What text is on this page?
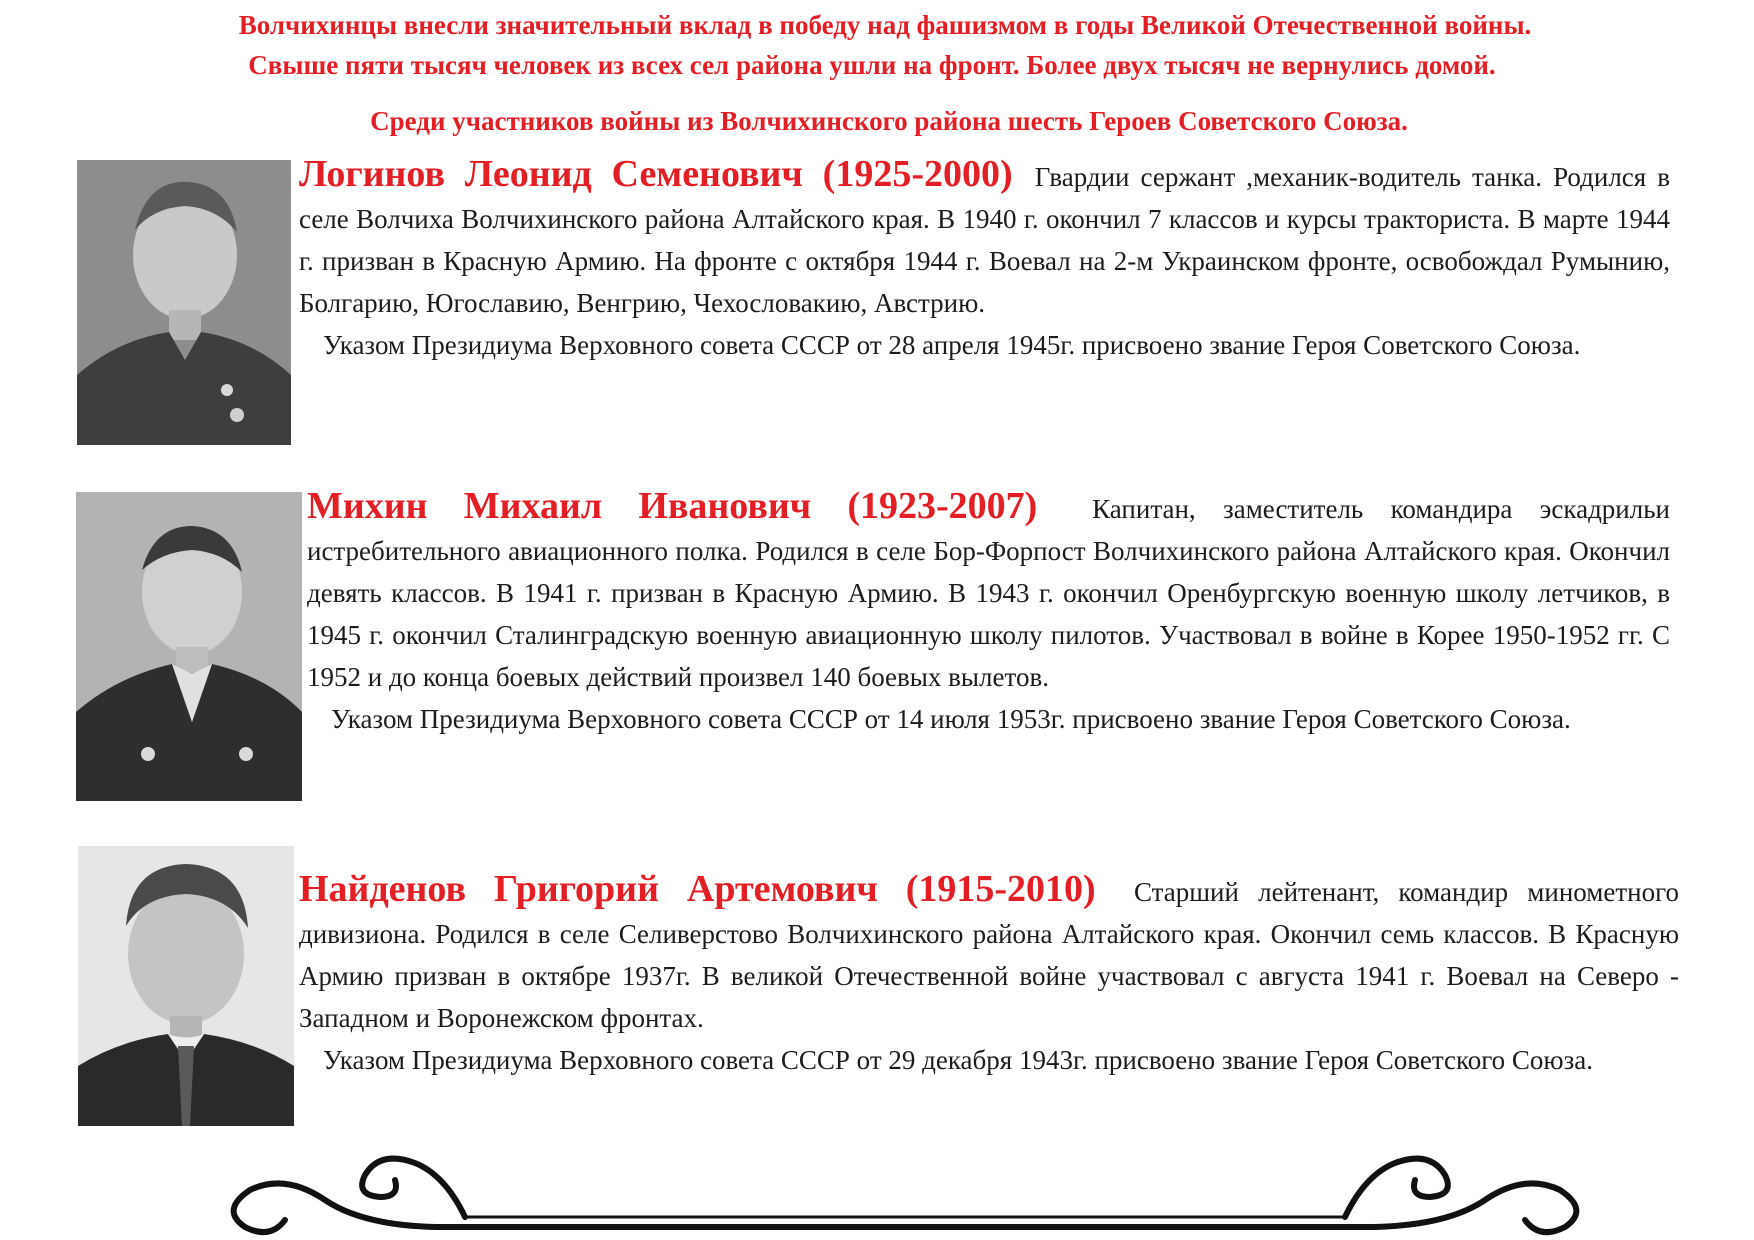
Волчихинцы внесли значительный вклад в победу над фашизмом в годы Великой Отечественной войны.

Свыше пяти тысяч человек из всех сел района ушли на фронт. Более двух тысяч не вернулись домой.

Среди участников войны из Волчихинского района шесть Героев Советского Союза.

Логинов Леонид Семенович (1925-2000) Гвардии сержант ,механик-водитель танка. Родился в селе Волчиха Волчихинского района Алтайского края. В 1940 г. окончил 7 классов и курсы тракториста. В марте 1944 г. призван в Красную Армию. На фронте с октября 1944 г. Воевал на 2-м Украинском фронте, освобождал Румынию, Болгарию, Югославию, Венгрию, Чехословакию, Австрию.
Указом Президиума Верховного совета СССР от 28 апреля 1945г. присвоено звание Героя Советского Союза.

Михин Михаил Иванович (1923-2007) Капитан, заместитель командира эскадрильи истребительного авиационного полка. Родился в селе Бор-Форпост Волчихинского района Алтайского края. Окончил девять классов. В 1941 г. призван в Красную Армию. В 1943 г. окончил Оренбургскую военную школу летчиков, в 1945 г. окончил Сталинградскую военную авиационную школу пилотов. Участвовал в войне в Корее 1950-1952 гг. С 1952 и до конца боевых действий произвел 140 боевых вылетов.
Указом Президиума Верховного совета СССР от 14 июля 1953г. присвоено звание Героя Советского Союза.

Найденов Григорий Артемович (1915-2010) Старший лейтенант, командир минометного дивизиона. Родился в селе Селиверстово Волчихинского района Алтайского края. Окончил семь классов. В Красную Армию призван в октябре 1937г. В великой Отечественной войне участвовал с августа 1941 г. Воевал на Северо - Западном и Воронежском фронтах.
Указом Президиума Верховного совета СССР от 29 декабря 1943г. присвоено звание Героя Советского Союза.
